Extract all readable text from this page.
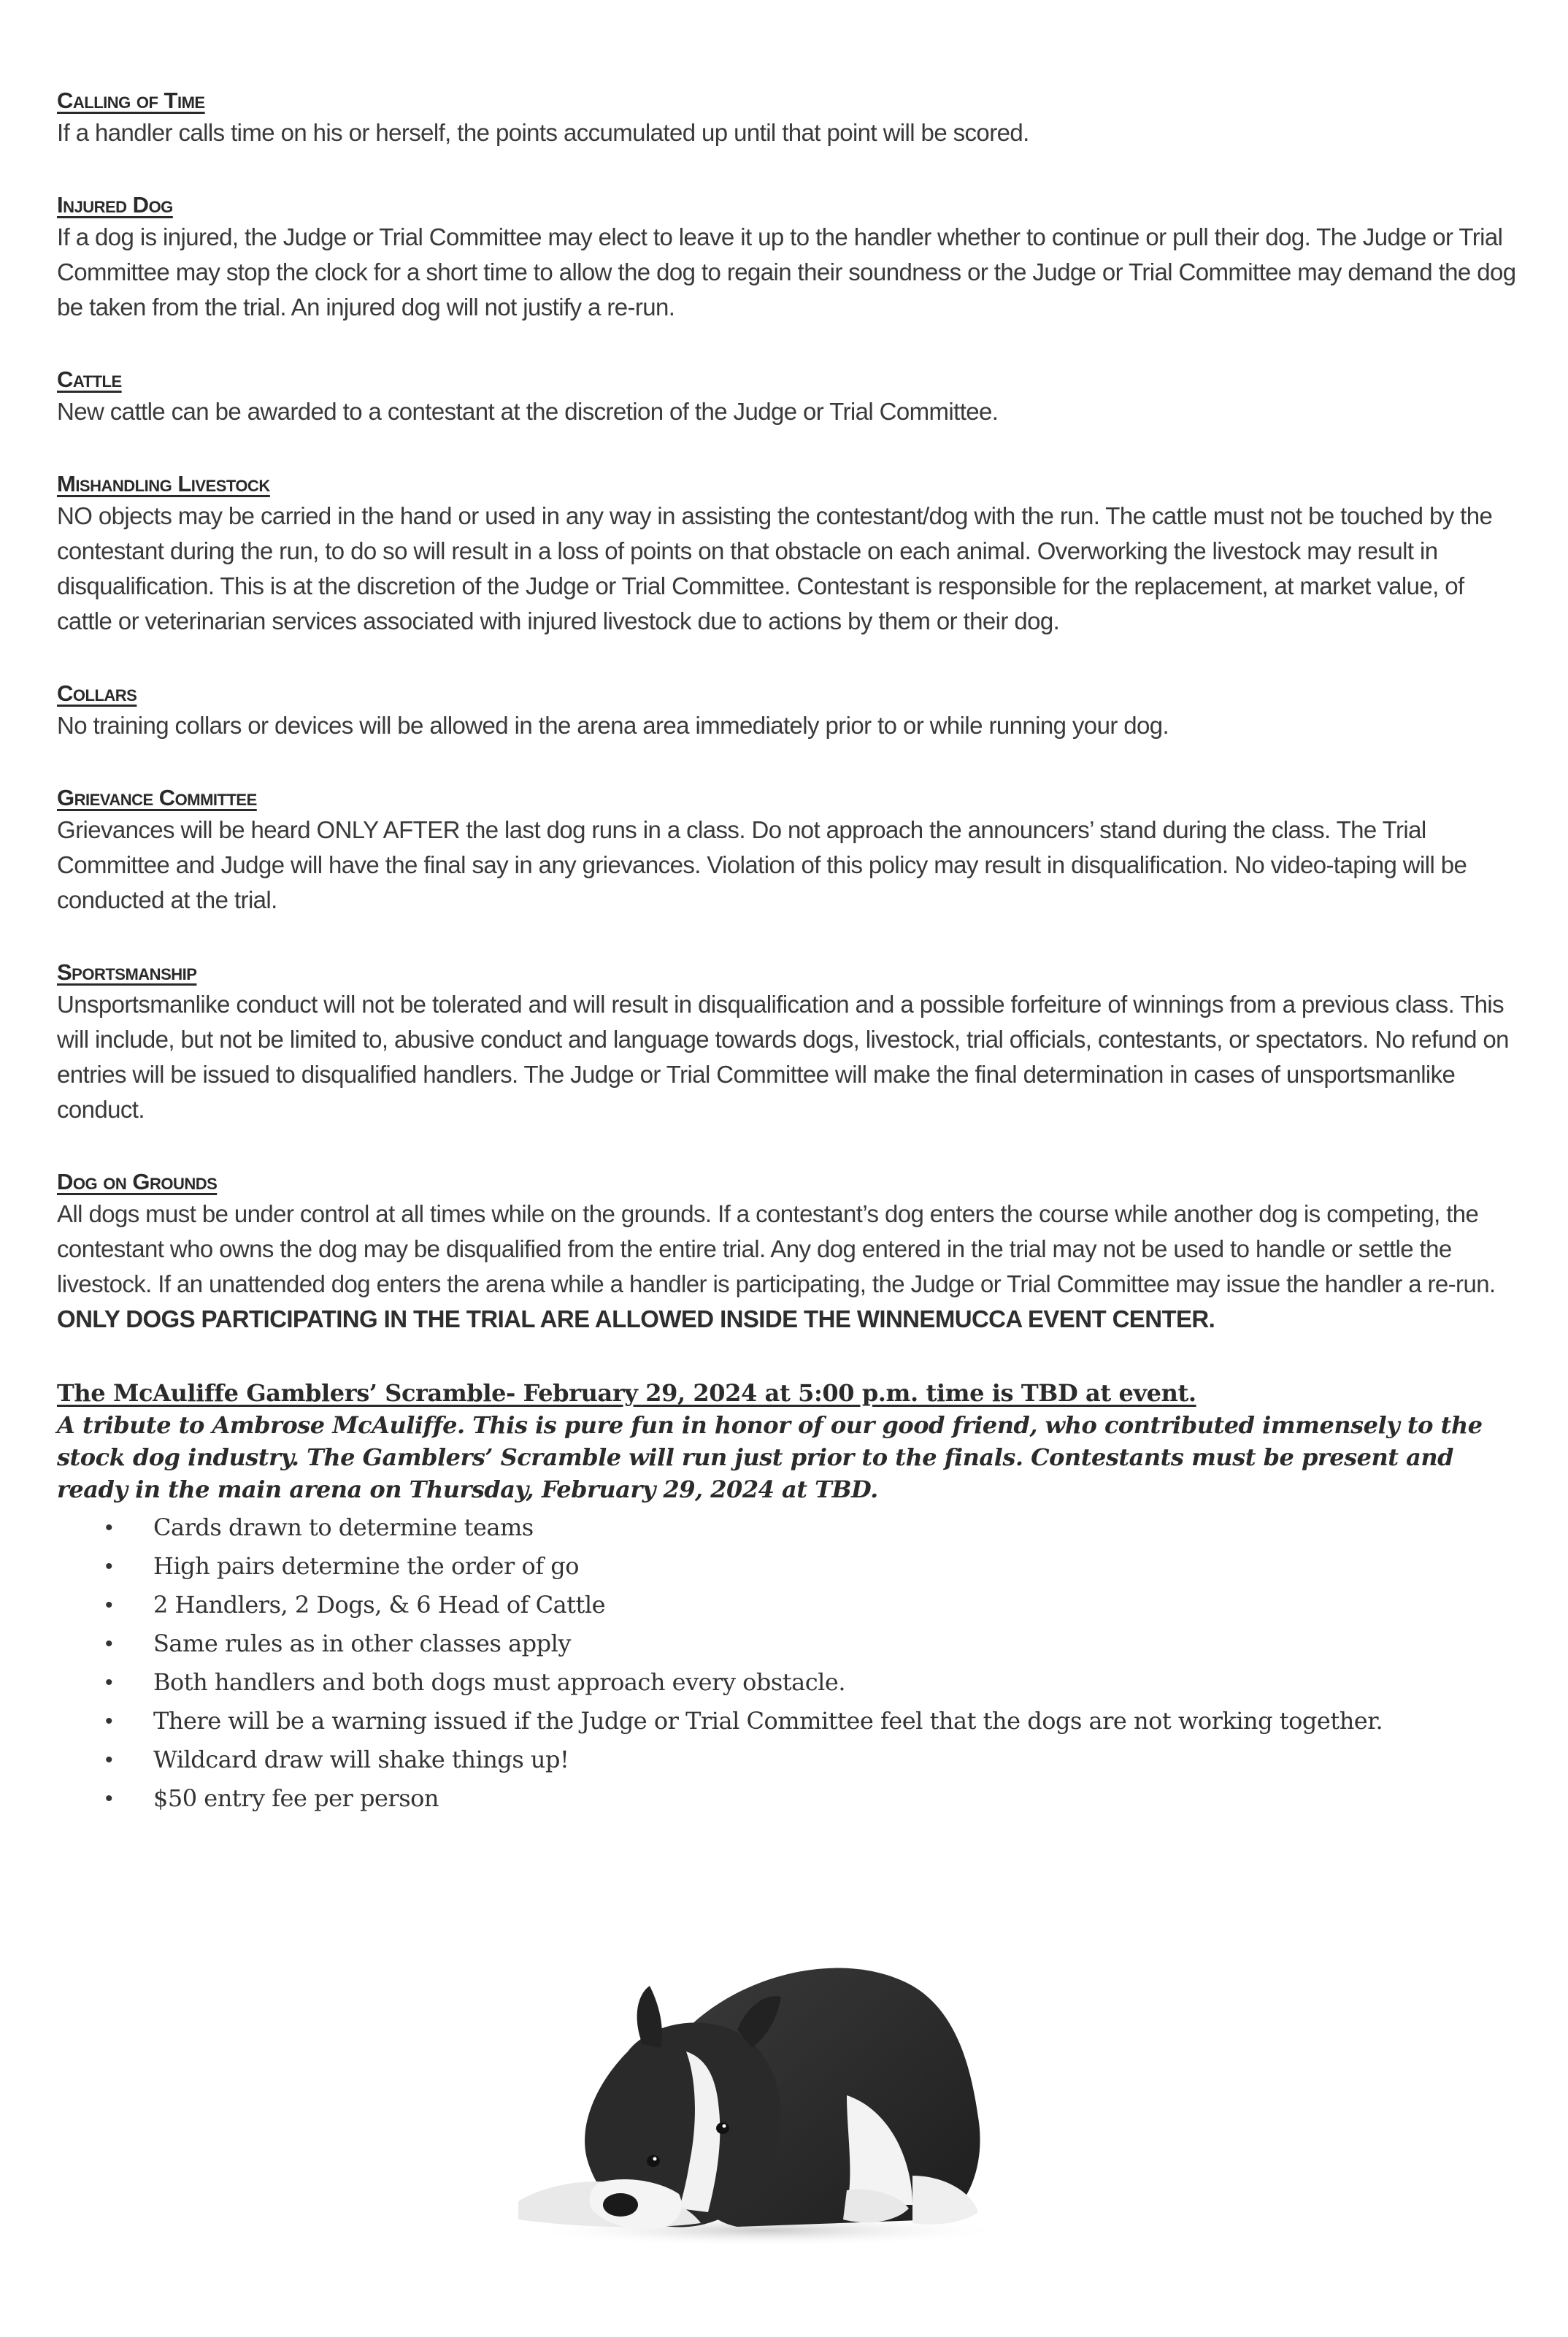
Calling of Time
If a handler calls time on his or herself, the points accumulated up until that point will be scored.
Injured Dog
If a dog is injured, the Judge or Trial Committee may elect to leave it up to the handler whether to continue or pull their dog. The Judge or Trial Committee may stop the clock for a short time to allow the dog to regain their soundness or the Judge or Trial Committee may demand the dog be taken from the trial. An injured dog will not justify a re-run.
Cattle
New cattle can be awarded to a contestant at the discretion of the Judge or Trial Committee.
Mishandling Livestock
NO objects may be carried in the hand or used in any way in assisting the contestant/dog with the run. The cattle must not be touched by the contestant during the run, to do so will result in a loss of points on that obstacle on each animal. Overworking the livestock may result in disqualification. This is at the discretion of the Judge or Trial Committee. Contestant is responsible for the replacement, at market value, of cattle or veterinarian services associated with injured livestock due to actions by them or their dog.
Collars
No training collars or devices will be allowed in the arena area immediately prior to or while running your dog.
Grievance Committee
Grievances will be heard ONLY AFTER the last dog runs in a class. Do not approach the announcers’ stand during the class. The Trial Committee and Judge will have the final say in any grievances. Violation of this policy may result in disqualification. No video-taping will be conducted at the trial.
Sportsmanship
Unsportsmanlike conduct will not be tolerated and will result in disqualification and a possible forfeiture of winnings from a previous class. This will include, but not be limited to, abusive conduct and language towards dogs, livestock, trial officials, contestants, or spectators. No refund on entries will be issued to disqualified handlers. The Judge or Trial Committee will make the final determination in cases of unsportsmanlike conduct.
Dog on Grounds
All dogs must be under control at all times while on the grounds. If a contestant’s dog enters the course while another dog is competing, the contestant who owns the dog may be disqualified from the entire trial. Any dog entered in the trial may not be used to handle or settle the livestock. If an unattended dog enters the arena while a handler is participating, the Judge or Trial Committee may issue the handler a re-run. ONLY DOGS PARTICIPATING IN THE TRIAL ARE ALLOWED INSIDE THE WINNEMUCCA EVENT CENTER.
The McAuliffe Gamblers’ Scramble- February 29, 2024 at 5:00 p.m. time is TBD at event.
A tribute to Ambrose McAuliffe. This is pure fun in honor of our good friend, who contributed immensely to the stock dog industry. The Gamblers’ Scramble will run just prior to the finals. Contestants must be present and ready in the main arena on Thursday, February 29, 2024 at TBD.
• Cards drawn to determine teams
• High pairs determine the order of go
• 2 Handlers, 2 Dogs, & 6 Head of Cattle
• Same rules as in other classes apply
• Both handlers and both dogs must approach every obstacle.
• There will be a warning issued if the Judge or Trial Committee feel that the dogs are not working together.
• Wildcard draw will shake things up!
• $50 entry fee per person
